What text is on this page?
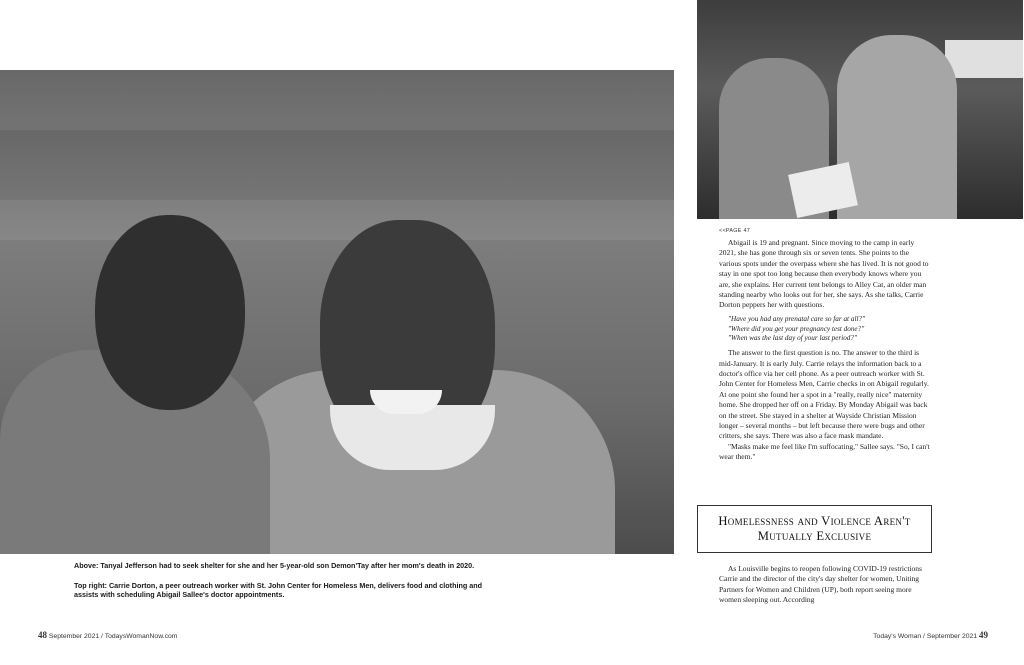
Above: Tanyal Jefferson had to seek shelter for she and her 5-year-old son Demon'Tay after her mom's death in 2020.

Top right: Carrie Dorton, a peer outreach worker with St. John Center for Homeless Men, delivers food and clothing and assists with scheduling Abigail Sallee's doctor appointments.

<<PAGE 47

Abigail is 19 and pregnant. Since moving to the camp in early 2021, she has gone through six or seven tents. She points to the various spots under the overpass where she has lived. It is not good to stay in one spot too long because then everybody knows where you are, she explains. Her current tent belongs to Alley Cat, an older man standing nearby who looks out for her, she says. As she talks, Carrie Dorton peppers her with questions.

"Have you had any prenatal care so far at all?"

"Where did you get your pregnancy test done?"

"When was the last day of your last period?"

The answer to the first question is no. The answer to the third is mid-January. It is early July. Carrie relays the information back to a doctor's office via her cell phone. As a peer outreach worker with St. John Center for Homeless Men, Carrie checks in on Abigail regularly. At one point she found her a spot in a "really, really nice" maternity home. She dropped her off on a Friday. By Monday Abigail was back on the street. She stayed in a shelter at Wayside Christian Mission longer – several months – but left because there were bugs and other critters, she says. There was also a face mask mandate.

"Masks make me feel like I'm suffocating," Sallee says. "So, I can't wear them."

Homelessness and Violence Aren't Mutually Exclusive

As Louisville begins to reopen following COVID-19 restrictions Carrie and the director of the city's day shelter for women, Uniting Partners for Women and Children (UP), both report seeing more women sleeping out. According

48 September 2021 / TodaysWomanNow.com	Today's Woman / September 2021 49
